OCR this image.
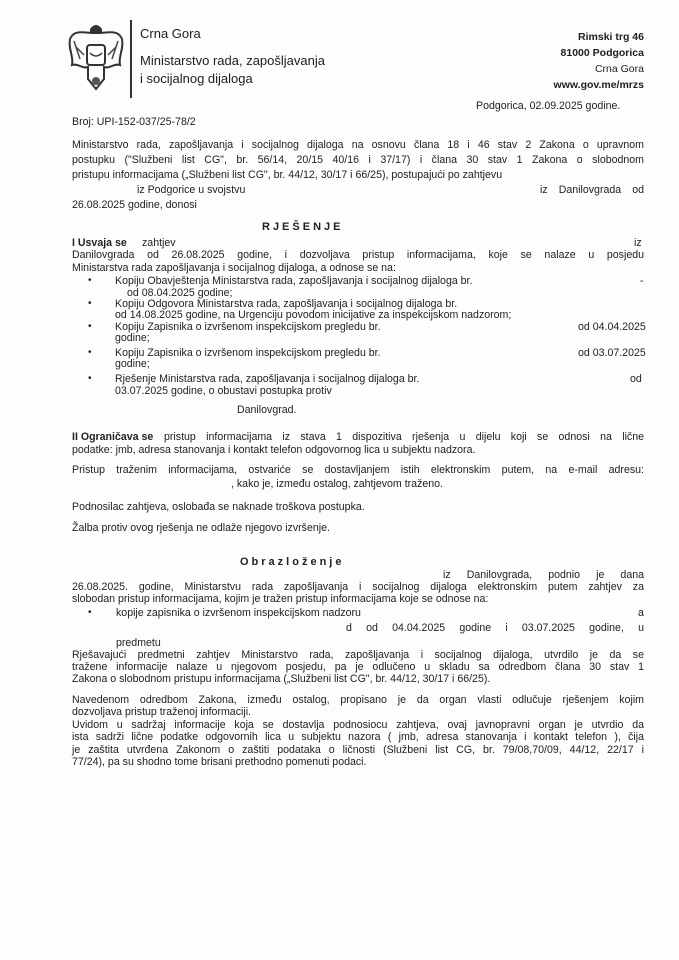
Crna Gora
Ministarstvo rada, zapošljavanja
i socijalnog dijaloga
Rimski trg 46
81000 Podgorica
Crna Gora
www.gov.me/mrzs
Podgorica, 02.09.2025 godine.
Broj: UPI-152-037/25-78/2
Ministarstvo rada, zapošljavanja i socijalnog dijaloga na osnovu člana 18 i 46 stav 2 Zakona o upravnom
postupku ("Službeni list CG", br. 56/14, 20/15 40/16 i 37/17) i člana 30 stav 1 Zakona o slobodnom
pristupu informacijama („Službeni list CG", br. 44/12, 30/17 i 66/25), postupajući po zahtjevu
iz Podgorice u svojstvu	iz Danilovgrada od
26.08.2025 godine, donosi
RJEŠENJE
I Usvaja se zahtjev	iz
Danilovgrada od 26.08.2025 godine, i dozvoljava pristup informacijama, koje se nalaze u posjedu
Ministarstva rada zapošljavanja i socijalnog dijaloga, a odnose se na:
Kopiju Obavještenja Ministarstva rada, zapošljavanja i socijalnog dijaloga br.	-
od 08.04.2025 godine;
Kopiju Odgovora Ministarstva rada, zapošljavanja i socijalnog dijaloga br.
od 14.08.2025 godine, na Urgenciju povodom inicijative za inspekcijskom nadzorom;
Kopiju Zapisnika o izvršenom inspekcijskom pregledu br.	od 04.04.2025
godine;
Kopiju Zapisnika o izvršenom inspekcijskom pregledu br.	od 03.07.2025
godine;
Rješenje Ministarstva rada, zapošljavanja i socijalnog dijaloga br.	od
03.07.2025 godine, o obustavi postupka protiv
Danilovgrad.
II Ograničava se pristup informacijama iz stava 1 dispozitiva rješenja u dijelu koji se odnosi na lične
podatke: jmb, adresa stanovanja i kontakt telefon odgovornog lica u subjektu nadzora.
Pristup traženim informacijama, ostvariće se dostavljanjem istih elektronskim putem, na e-mail adresu:
, kako je, između ostalog, zahtjevom traženo.
Podnosilac zahtjeva, oslobađa se naknade troškova postupka.
Žalba protiv ovog rješenja ne odlaže njegovo izvršenje.
Obrazloženje
iz Danilovgrada, podnio je dana
26.08.2025. godine, Ministarstvu rada zapošljavanja i socijalnog dijaloga elektronskim putem zahtjev za
slobodan pristup informacijama, kojim je tražen pristup informacijama koje se odnose na:
kopije zapisnika o izvršenom inspekcijskom nadzoru	a
d od 04.04.2025 godine i 03.07.2025 godine, u
predmetu
Rješavajući predmetni zahtjev Ministarstvo rada, zapošljavanja i socijalnog dijaloga, utvrdilo je da se
tražene informacije nalaze u njegovom posjedu, pa je odlučeno u skladu sa odredbom člana 30 stav 1
Zakona o slobodnom pristupu informacijama („Službeni list CG", br. 44/12, 30/17 i 66/25).
Navedenom odredbom Zakona, između ostalog, propisano je da organ vlasti odlučuje rješenjem kojim
dozvoljava pristup traženoj informaciji.
Uvidom u sadržaj informacije koja se dostavlja podnosiocu zahtjeva, ovaj javnopravni organ je utvrdio da
ista sadrži lične podatke odgovornih lica u subjektu nazora ( jmb, adresa stanovanja i kontakt telefon ), čija
je zaštita utvrđena Zakonom o zaštiti podataka o ličnosti (Službeni list CG, br. 79/08,70/09, 44/12, 22/17 i
77/24), pa su shodno tome brisani prethodno pomenuti podaci.
•
•
•
•
•
•
